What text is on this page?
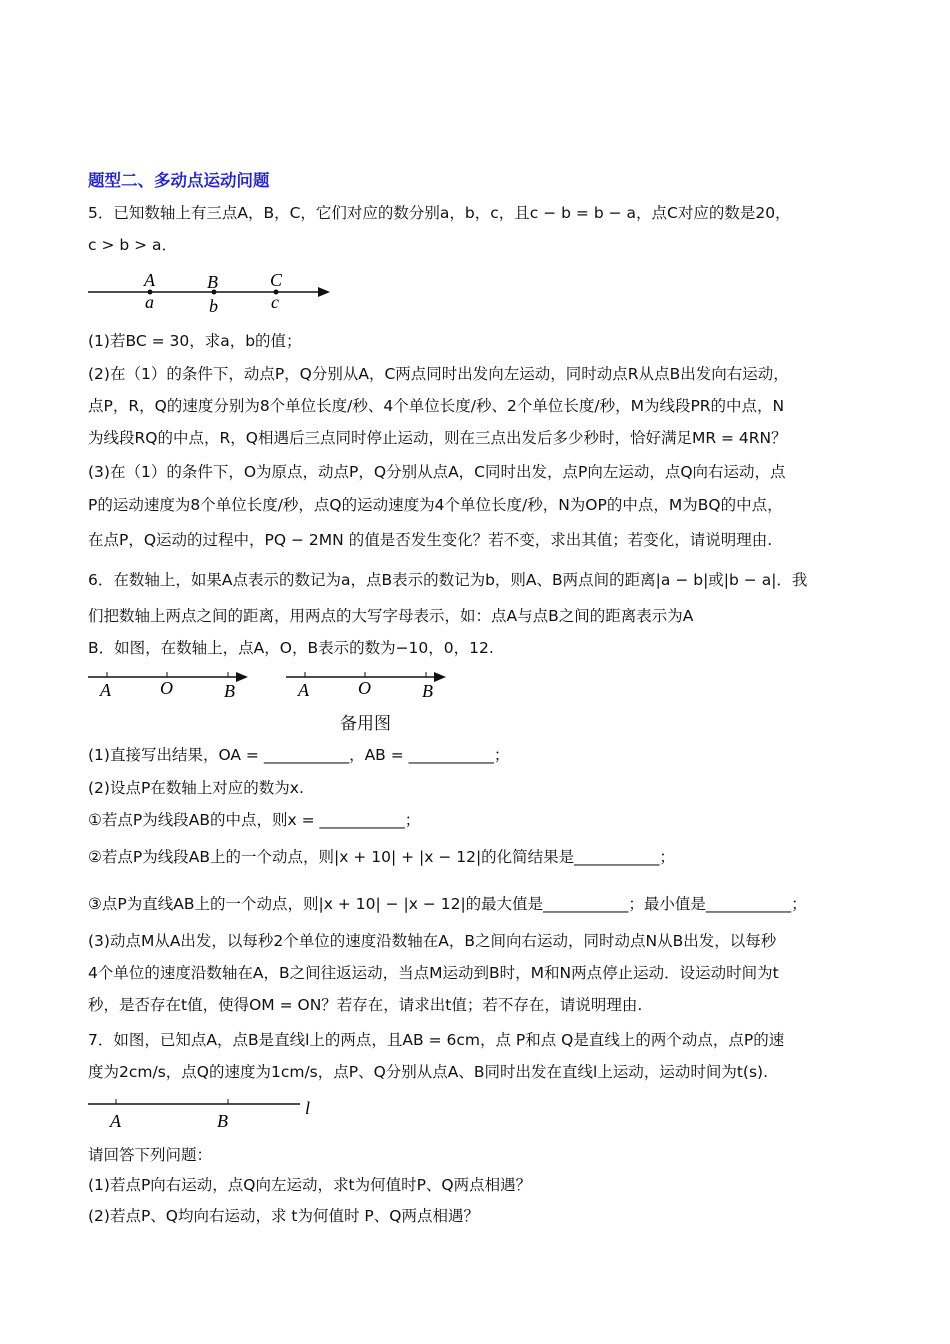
题型二、多动点运动问题
5．已知数轴上有三点A，B，C，它们对应的数分别a，b，c，且c − b = b − a，点C对应的数是20，
c > b > a．
A	B	C
a	b	c
(1)若BC = 30，求a，b的值；
(2)在（1）的条件下，动点P，Q分别从A，C两点同时出发向左运动，同时动点R从点B出发向右运动，
点P，R，Q的速度分别为8个单位长度/秒、4个单位长度/秒、2个单位长度/秒，M为线段PR的中点，N
为线段RQ的中点，R，Q相遇后三点同时停止运动，则在三点出发后多少秒时，恰好满足MR = 4RN？
(3)在（1）的条件下，O为原点，动点P，Q分别从点A，C同时出发，点P向左运动，点Q向右运动，点
P的运动速度为8个单位长度/秒，点Q的运动速度为4个单位长度/秒，N为OP的中点，M为BQ的中点，
在点P，Q运动的过程中，PQ − 2MN 的值是否发生变化？若不变，求出其值；若变化，请说明理由.
6．在数轴上，如果A点表示的数记为a，点B表示的数记为b，则A、B两点间的距离|a − b|或|b − a|．我
们把数轴上两点之间的距离，用两点的大写字母表示，如：点A与点B之间的距离表示为A
B．如图，在数轴上，点A，O，B表示的数为−10，0，12.
A	O	B	A	O	B
备用图
(1)直接写出结果，OA = ___________，AB = ___________；
(2)设点P在数轴上对应的数为x.
①若点P为线段AB的中点，则x = ___________；
②若点P为线段AB上的一个动点，则|x + 10| + |x − 12|的化简结果是___________；
③点P为直线AB上的一个动点，则|x + 10| − |x − 12|的最大值是___________；最小值是___________；
(3)动点M从A出发，以每秒2个单位的速度沿数轴在A，B之间向右运动，同时动点N从B出发，以每秒
4个单位的速度沿数轴在A，B之间往返运动，当点M运动到B时，M和N两点停止运动．设运动时间为t
秒，是否存在t值，使得OM = ON？若存在，请求出t值；若不存在，请说明理由.
7．如图，已知点A，点B是直线l上的两点，且AB = 6cm，点 P和点 Q是直线上的两个动点，点P的速
度为2cm/s，点Q的速度为1cm/s，点P、Q分别从点A、B同时出发在直线l上运动，运动时间为t(s).
A	B
l
请回答下列问题：
(1)若点P向右运动，点Q向左运动，求t为何值时P、Q两点相遇？
(2)若点P、Q均向右运动，求 t为何值时 P、Q两点相遇？
